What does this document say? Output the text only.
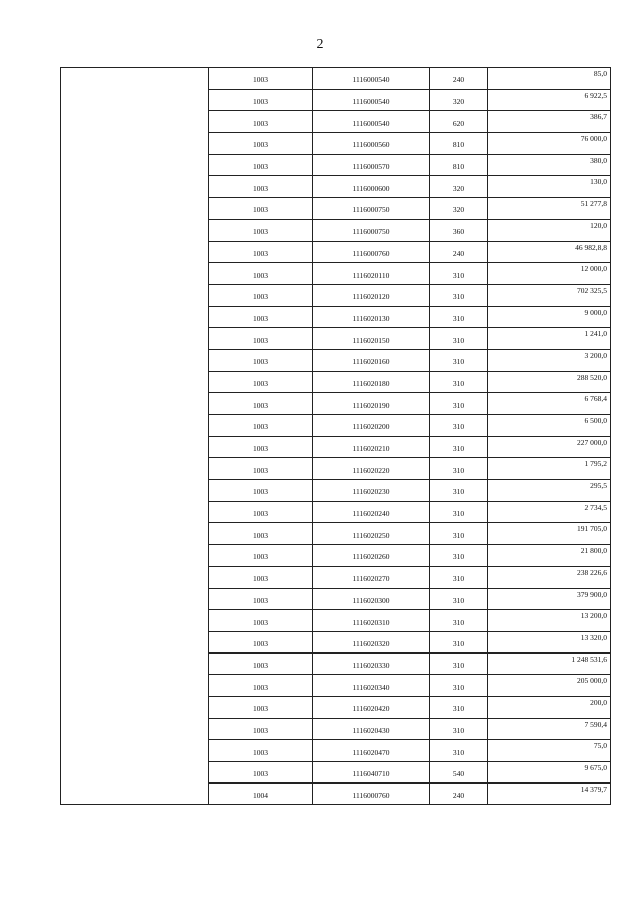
2
	1003	1116000540	240	85,0
	1003	1116000540	320	6 922,5
	1003	1116000540	620	386,7
	1003	1116000560	810	76 000,0
	1003	1116000570	810	380,0
	1003	1116000600	320	130,0
	1003	1116000750	320	51 277,8
	1003	1116000750	360	120,0
	1003	1116000760	240	46 982,8,8
	1003	1116020110	310	12 000,0
	1003	1116020120	310	702 325,5
	1003	1116020130	310	9 000,0
	1003	1116020150	310	1 241,0
	1003	1116020160	310	3 200,0
	1003	1116020180	310	288 520,0
	1003	1116020190	310	6 768,4
	1003	1116020200	310	6 500,0
	1003	1116020210	310	227 000,0
	1003	1116020220	310	1 795,2
	1003	1116020230	310	295,5
	1003	1116020240	310	2 734,5
	1003	1116020250	310	191 705,0
	1003	1116020260	310	21 800,0
	1003	1116020270	310	238 226,6
	1003	1116020300	310	379 900,0
	1003	1116020310	310	13 200,0
	1003	1116020320	310	13 320,0
	1003	1116020330	310	1 248 531,6
	1003	1116020340	310	205 000,0
	1003	1116020420	310	200,0
	1003	1116020430	310	7 590,4
	1003	1116020470	310	75,0
	1003	1116040710	540	9 675,0
	1004	1116000760	240	14 379,7
